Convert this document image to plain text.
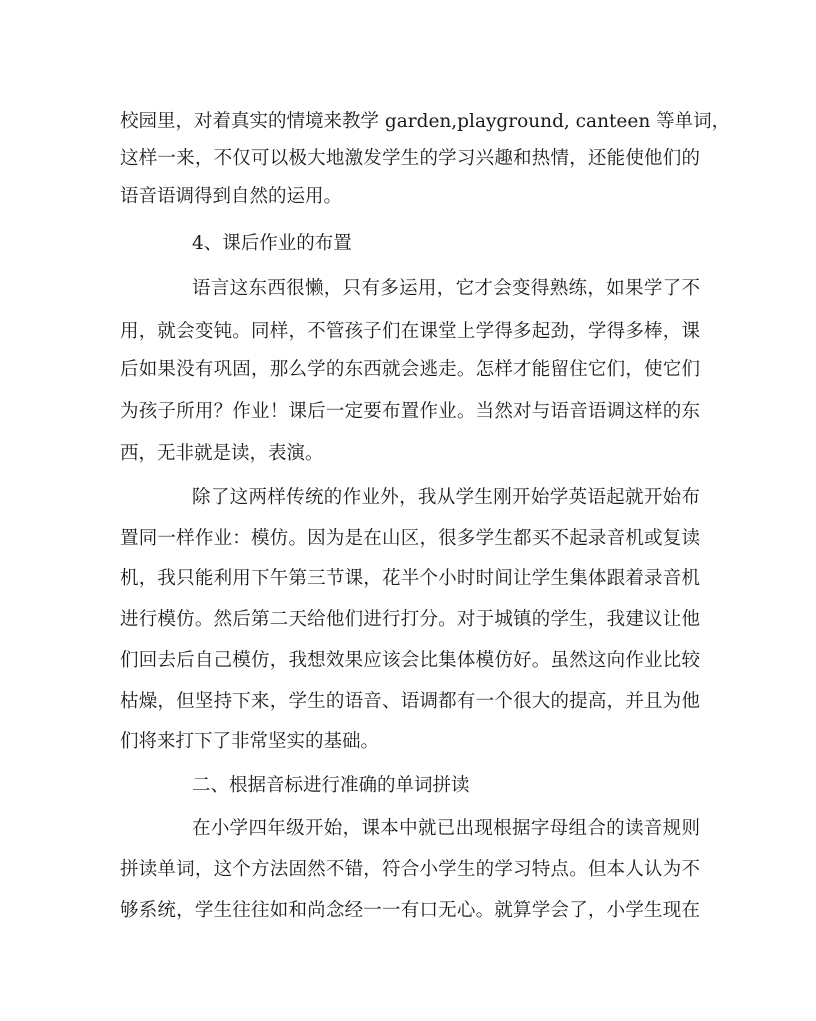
校园里，对着真实的情境来教学 garden,playground, canteen 等单词，
这样一来，不仅可以极大地激发学生的学习兴趣和热情，还能使他们的
语音语调得到自然的运用。
4、课后作业的布置
语言这东西很懒，只有多运用，它才会变得熟练，如果学了不
用，就会变钝。同样，不管孩子们在课堂上学得多起劲，学得多棒，课
后如果没有巩固，那么学的东西就会逃走。怎样才能留住它们，使它们
为孩子所用？作业！课后一定要布置作业。当然对与语音语调这样的东
西，无非就是读，表演。
除了这两样传统的作业外，我从学生刚开始学英语起就开始布
置同一样作业：模仿。因为是在山区，很多学生都买不起录音机或复读
机，我只能利用下午第三节课，花半个小时时间让学生集体跟着录音机
进行模仿。然后第二天给他们进行打分。对于城镇的学生，我建议让他
们回去后自己模仿，我想效果应该会比集体模仿好。虽然这向作业比较
枯燥，但坚持下来，学生的语音、语调都有一个很大的提高，并且为他
们将来打下了非常坚实的基础。
二、根据音标进行准确的单词拼读
在小学四年级开始，课本中就已出现根据字母组合的读音规则
拼读单词，这个方法固然不错，符合小学生的学习特点。但本人认为不
够系统，学生往往如和尚念经一一有口无心。就算学会了，小学生现在
